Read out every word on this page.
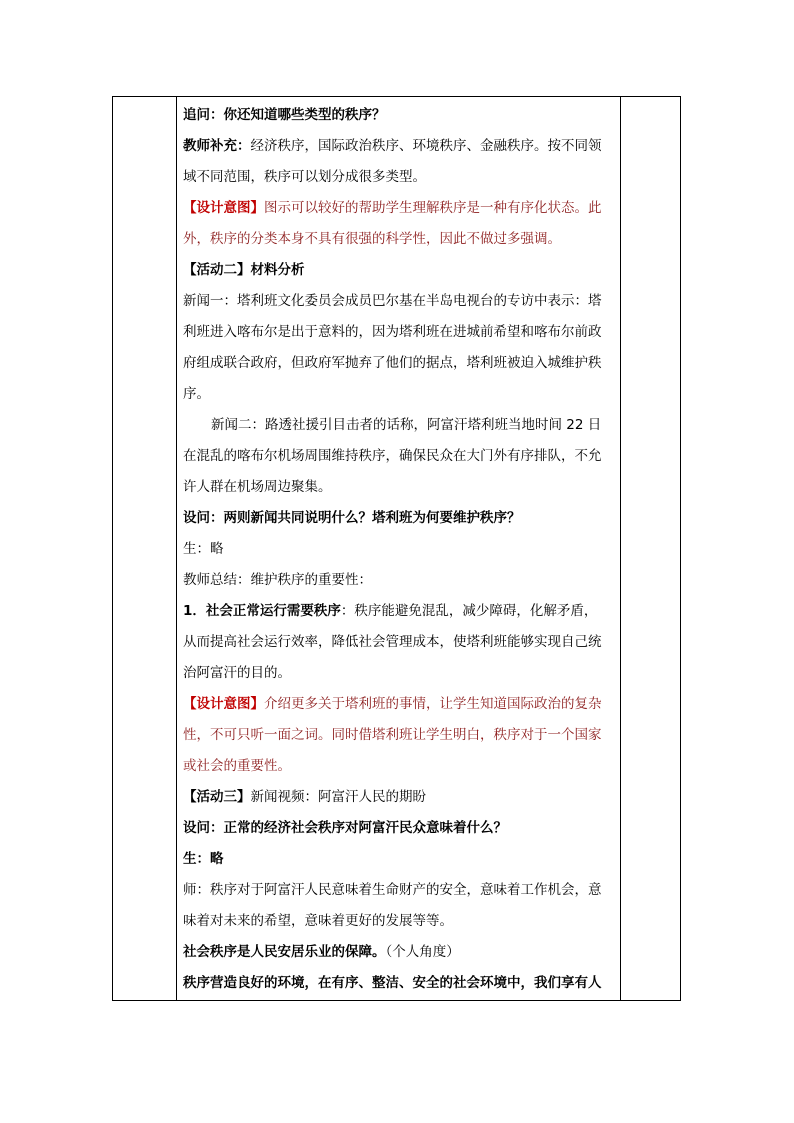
追问：你还知道哪些类型的秩序？
教师补充：经济秩序，国际政治秩序、环境秩序、金融秩序。按不同领
域不同范围，秩序可以划分成很多类型。
【设计意图】图示可以较好的帮助学生理解秩序是一种有序化状态。此
外，秩序的分类本身不具有很强的科学性，因此不做过多强调。
【活动二】材料分析
新闻一：塔利班文化委员会成员巴尔基在半岛电视台的专访中表示：塔
利班进入喀布尔是出于意料的，因为塔利班在进城前希望和喀布尔前政
府组成联合政府，但政府军抛弃了他们的据点，塔利班被迫入城维护秩
序。
新闻二：路透社援引目击者的话称，阿富汗塔利班当地时间 22 日
在混乱的喀布尔机场周围维持秩序，确保民众在大门外有序排队，不允
许人群在机场周边聚集。
设问：两则新闻共同说明什么？塔利班为何要维护秩序？
生：略
教师总结：维护秩序的重要性：
1．社会正常运行需要秩序：秩序能避免混乱，减少障碍，化解矛盾，
从而提高社会运行效率，降低社会管理成本，使塔利班能够实现自己统
治阿富汗的目的。
【设计意图】介绍更多关于塔利班的事情，让学生知道国际政治的复杂
性，不可只听一面之词。同时借塔利班让学生明白，秩序对于一个国家
或社会的重要性。
【活动三】新闻视频：阿富汗人民的期盼
设问：正常的经济社会秩序对阿富汗民众意味着什么？
生：略
师：秩序对于阿富汗人民意味着生命财产的安全，意味着工作机会，意
味着对未来的希望，意味着更好的发展等等。
社会秩序是人民安居乐业的保障。（个人角度）
秩序营造良好的环境，在有序、整洁、安全的社会环境中，我们享有人
